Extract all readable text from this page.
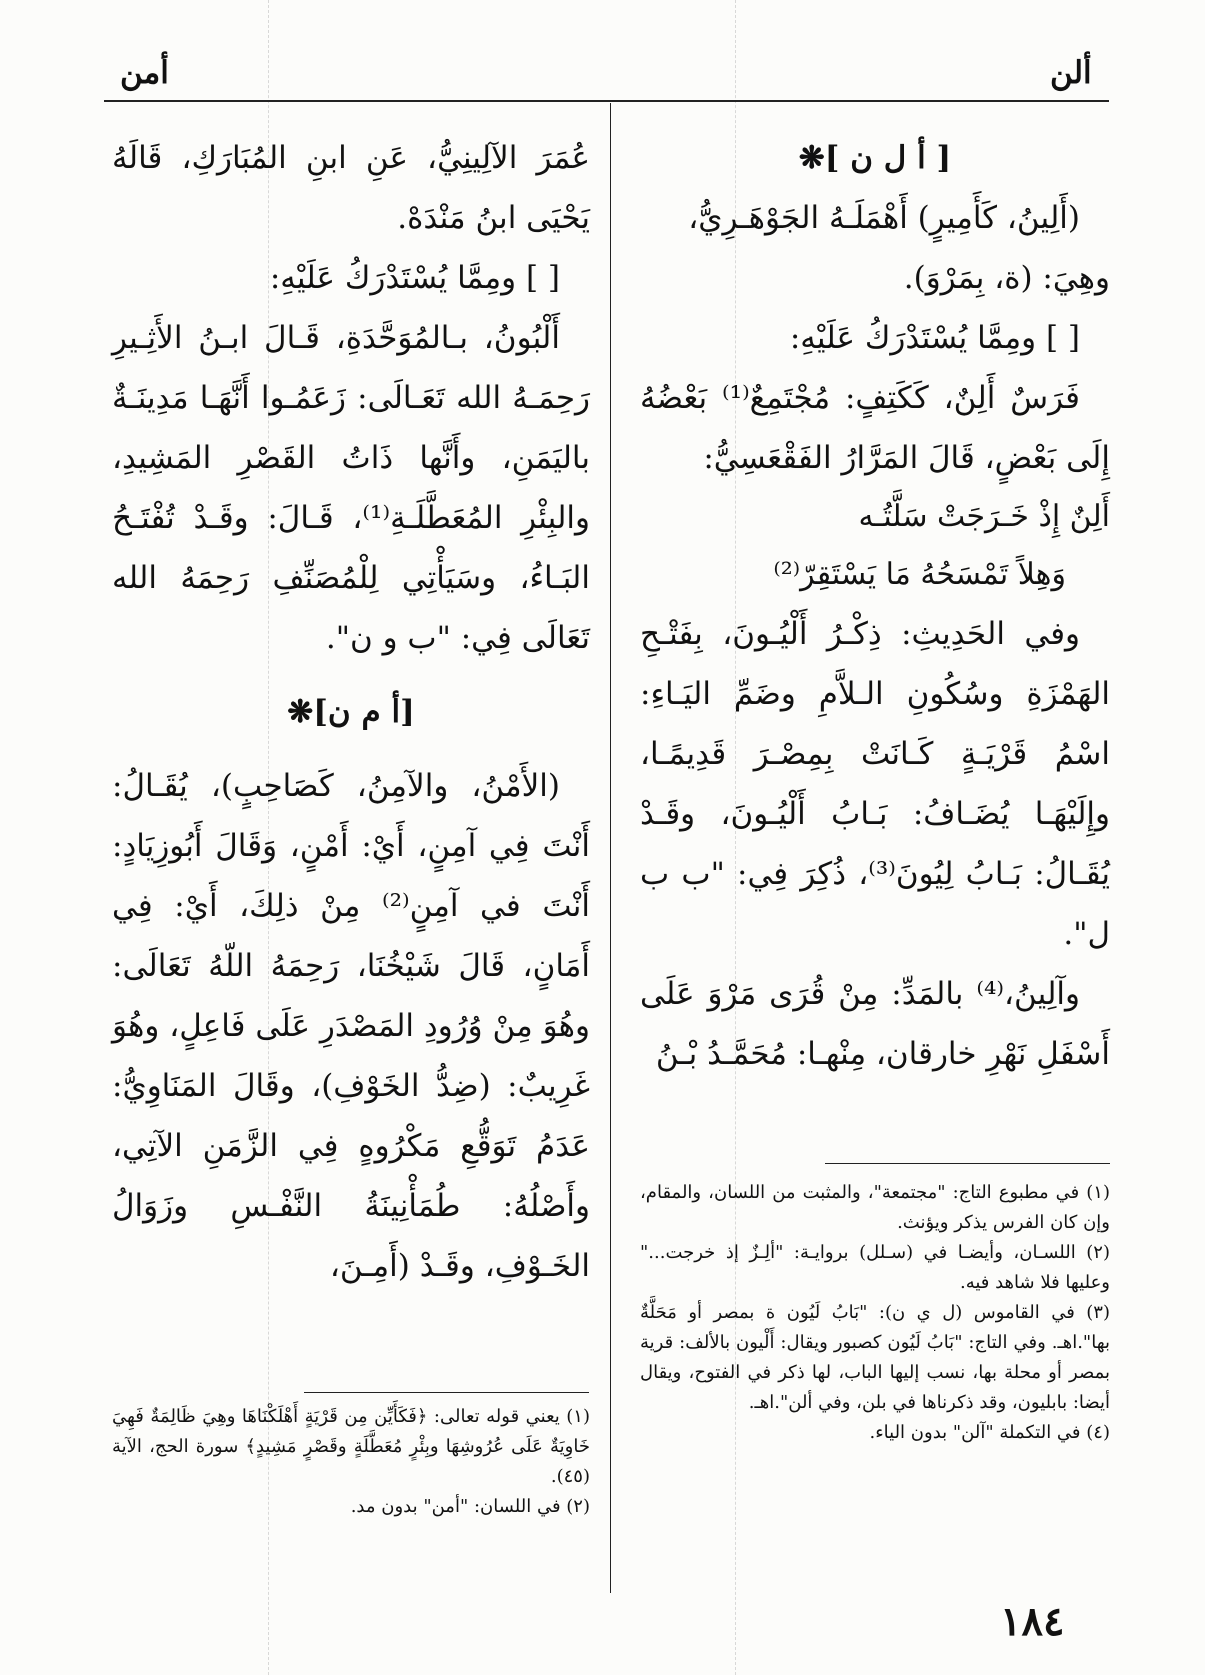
أمن	ألن

[ أ ل ن ]❋

(أَلِينُ، كَأَمِيرٍ) أَهْمَلَـهُ الجَوْهَـرِيُّ،

وهِيَ: (ة، بِمَرْوَ).

[ ] ومِمَّا يُسْتَدْرَكُ عَلَيْهِ:

فَرَسٌ أَلِنٌ، كَكَتِفٍ: مُجْتَمِعٌ⁽¹⁾ بَعْضُهُ إِلَى بَعْضٍ، قَالَ المَرَّارُ الفَقْعَسِيُّ:

أَلِنٌ إِذْ خَـرَجَتْ سَلَّتُـه

وَهِلاً تَمْسَحُهُ مَا يَسْتَقِرّ⁽²⁾

وفي الحَدِيثِ: ذِكْـرُ أَلْيُـونَ، بِفَتْـحِ الهَمْزَةِ وسُكُونِ الـلاَّمِ وضَمِّ اليَـاءِ: اسْمُ قَرْيَـةٍ كَـانَتْ بِمِصْـرَ قَدِيمًـا، وإِلَيْهَـا يُضَـافُ: بَـابُ أَلْيُـونَ، وقَـدْ يُقَـالُ: بَـابُ لِيُونَ⁽³⁾، ذُكِرَ فِي: "ب ب ل".

وآلِينُ،⁽⁴⁾ بالمَدِّ: مِنْ قُرَى مَرْوَ عَلَى أَسْفَلِ نَهْرِ خارقان، مِنْهـا: مُحَمَّـدُ بْـنُ

(١) في مطبوع التاج: "مجتمعة"، والمثبت من اللسان، والمقام، وإن كان الفرس يذكر ويؤنث.

(٢) اللسـان، وأيضـا في (سـلل) بروايـة: "ألِـزٌ إذ خرجت..." وعليها فلا شاهد فيه.

(٣) في القاموس (ل ي ن): "بَابُ لَيُون ة بمصر أو مَحَلَّةٌ بها".اهـ. وفي التاج: "بَابُ لَيُون كصبور ويقال: أَلْيون بالألف: قرية بمصر أو محلة بها، نسب إليها الباب، لها ذكر في الفتوح، ويقال أيضا: بابليون، وقد ذكرناها في بلن، وفي ألن".اهـ.

(٤) في التكملة "آلن" بدون الياء.

عُمَرَ الآلِينِيُّ، عَنِ ابنِ المُبَارَكِ، قَالَهُ يَحْيَى ابنُ مَنْدَهْ.

[ ] ومِمَّا يُسْتَدْرَكُ عَلَيْهِ:

أَلْبُونُ، بـالمُوَحَّدَةِ، قَـالَ ابـنُ الأَثِـيرِ رَحِمَـهُ الله تَعَـالَى: زَعَمُـوا أَنَّهَـا مَدِينَـةٌ باليَمَنِ، وأَنَّها ذَاتُ القَصْرِ المَشِيدِ، والبِئْرِ المُعَطَّلَـةِ⁽¹⁾، قَـالَ: وقَـدْ تُفْتَـحُ البَـاءُ، وسَيَأْتِي لِلْمُصَنِّفِ رَحِمَهُ الله تَعَالَى فِي: "ب و ن".

[أ م ن]❋

(الأَمْنُ، والآمِنُ، كَصَاحِبٍ)، يُقَـالُ: أَنْتَ فِي آمِنٍ، أَيْ: أَمْنٍ، وَقَالَ أَبُوزِيَادٍ: أَنْتَ في آمِنٍ⁽²⁾ مِنْ ذلِكَ، أَيْ: فِي أَمَانٍ، قَالَ شَيْخُنَا، رَحِمَهُ اللّهُ تَعَالَى: وهُوَ مِنْ وُرُودِ المَصْدَرِ عَلَى فَاعِلٍ، وهُوَ غَرِيبٌ: (ضِدُّ الخَوْفِ)، وقَالَ المَنَاوِيُّ: عَدَمُ تَوَقُّعِ مَكْرُوهٍ فِي الزَّمَنِ الآتِي، وأَصْلُهُ: طُمَأْنِينَةُ النَّفْـسِ وزَوَالُ الخَـوْفِ، وقَـدْ (أَمِـنَ،

(١) يعني قوله تعالى: ﴿فَكَأَيِّن مِن قَرْيَةٍ أَهْلَكْنَاهَا وهِيَ ظَالِمَةٌ فَهِيَ خَاوِيَةٌ عَلَى عُرُوشِهَا وبِئْرٍ مُعَطَّلَةٍ وقَصْرٍ مَشِيدٍ﴾ سورة الحج، الآية (٤٥).

(٢) في اللسان: "أمن" بدون مد.

١٨٤
